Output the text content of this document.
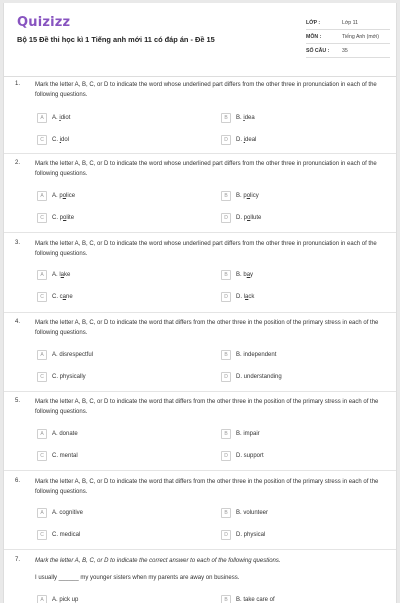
Quizizz
Bộ 15 Đề thi học kì 1 Tiếng anh mới 11 có đáp án - Đề 15
LỚP :	Lớp 11
MÔN :	Tiếng Anh (mới)
SỐ CÂU : 35
1. Mark the letter A, B, C, or D to indicate the word whose underlined part differs from the other three in pronunciation in each of the following questions.
A	A. idiot	B	B. idea
C	C. idol	D	D. ideal
2. Mark the letter A, B, C, or D to indicate the word whose underlined part differs from the other three in pronunciation in each of the following questions.
A	A. police	B	B. policy
C	C. polite	D	D. pollute
3. Mark the letter A, B, C, or D to indicate the word whose underlined part differs from the other three in pronunciation in each of the following questions.
A	A. lake	B	B. bay
C	C. cane	D	D. lack
4. Mark the letter A, B, C, or D to indicate the word that differs from the other three in the position of the primary stress in each of the following questions.
A	A. disrespectful	B	B. independent
C	C. physically	D	D. understanding
5. Mark the letter A, B, C, or D to indicate the word that differs from the other three in the position of the primary stress in each of the following questions.
A	A. donate	B	B. impair
C	C. mental	D	D. support
6. Mark the letter A, B, C, or D to indicate the word that differs from the other three in the position of the primary stress in each of the following questions.
A	A. cognitive	B	B. volunteer
C	C. medical	D	D. physical
7. Mark the letter A, B, C, or D to indicate the correct answer to each of the following questions.
I usually ______ my younger sisters when my parents are away on business.
A	A. pick up	B	B. take care of
